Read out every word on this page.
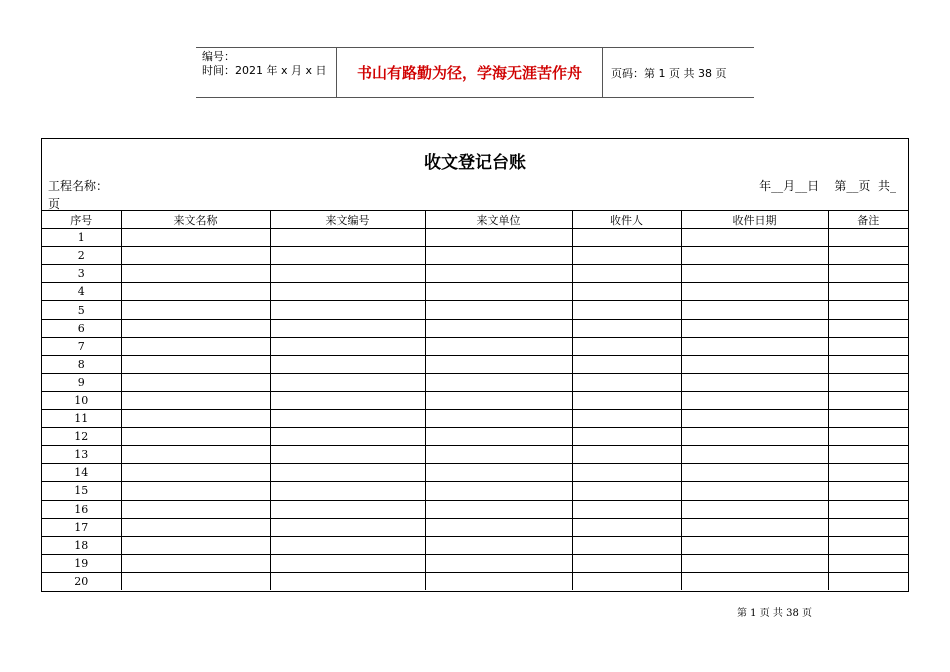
编号：
时间：2021 年 x 月 x 日	书山有路勤为径，学海无涯苦作舟	页码：第 1 页 共 38 页
收文登记台账
工程名称：
页
年__月__日    第__页  共_
序号	来文名称	来文编号	来文单位	收件人	收件日期	备注
1						
2						
3						
4						
5						
6						
7						
8						
9						
10						
11						
12						
13						
14						
15						
16						
17						
18						
19						
20						
第 1 页 共 38 页
